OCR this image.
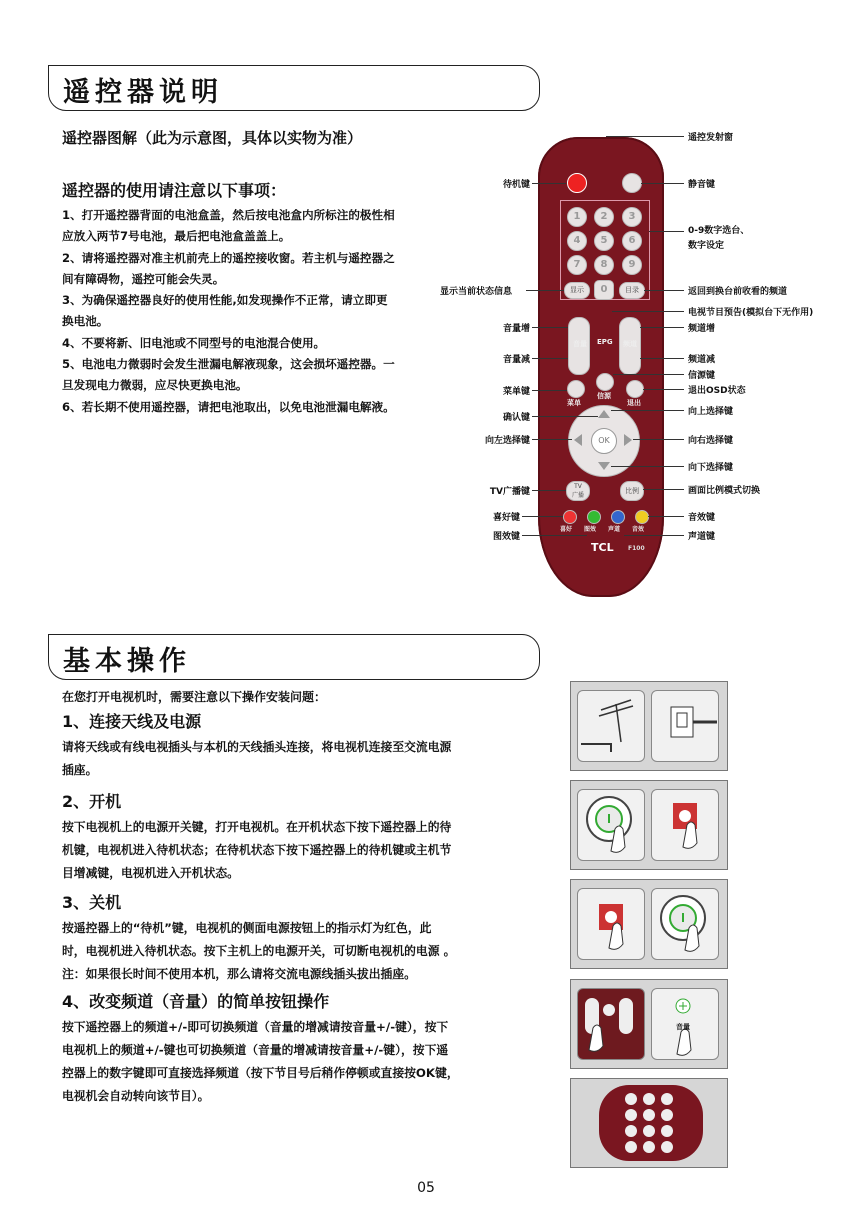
遥控器说明
遥控器图解（此为示意图，具体以实物为准）
遥控器的使用请注意以下事项：

1、打开遥控器背面的电池盒盖，然后按电池盒内所标注的极性相应放入两节7号电池，最后把电池盒盖盖上。

2、请将遥控器对准主机前壳上的遥控接收窗。若主机与遥控器之间有障碍物，遥控可能会失灵。

3、为确保遥控器良好的使用性能,如发现操作不正常，请立即更换电池。

4、不要将新、旧电池或不同型号的电池混合使用。

5、电池电力微弱时会发生泄漏电解液现象，这会损坏遥控器。一旦发现电力微弱，应尽快更换电池。

6、若长期不使用遥控器，请把电池取出，以免电池泄漏电解液。

1	2	3
4	5	6
7	8	9
显示	0	目录
音量 EPG 频道
菜单
信源
退出
OK
TV
广播
比例
喜好 图效 声道 音效
TCL F100
待机键
显示当前状态信息
音量增
音量减
菜单键
确认键
向左选择键
TV广播键
喜好键
图效键
遥控发射窗
静音键
0-9数字选台、
数字设定
返回到换台前收看的频道
电视节目预告(模拟台下无作用)
频道增
频道减
信源键
退出OSD状态
向上选择键
向右选择键
向下选择键
画面比例模式切换
音效键
声道键
基本操作
在您打开电视机时，需要注意以下操作安装问题：
1、连接天线及电源

请将天线或有线电视插头与本机的天线插头连接，将电视机连接至交流电源

插座。

2、开机

按下电视机上的电源开关键，打开电视机。在开机状态下按下遥控器上的待

机键，电视机进入待机状态；在待机状态下按下遥控器上的待机键或主机节

目增减键，电视机进入开机状态。

3、关机

按遥控器上的“待机”键，电视机的侧面电源按钮上的指示灯为红色，此

时，电视机进入待机状态。按下主机上的电源开关，可切断电视机的电源 。

注：如果很长时间不使用本机，那么请将交流电源线插头拔出插座。

4、改变频道（音量）的简单按钮操作

按下遥控器上的频道+/-即可切换频道（音量的增减请按音量+/-键），按下

电视机上的频道+/-键也可切换频道（音量的增减请按音量+/-键），按下遥

控器上的数字键即可直接选择频道（按下节目号后稍作停顿或直接按OK键，

电视机会自动转向该节目）。

音量
05
